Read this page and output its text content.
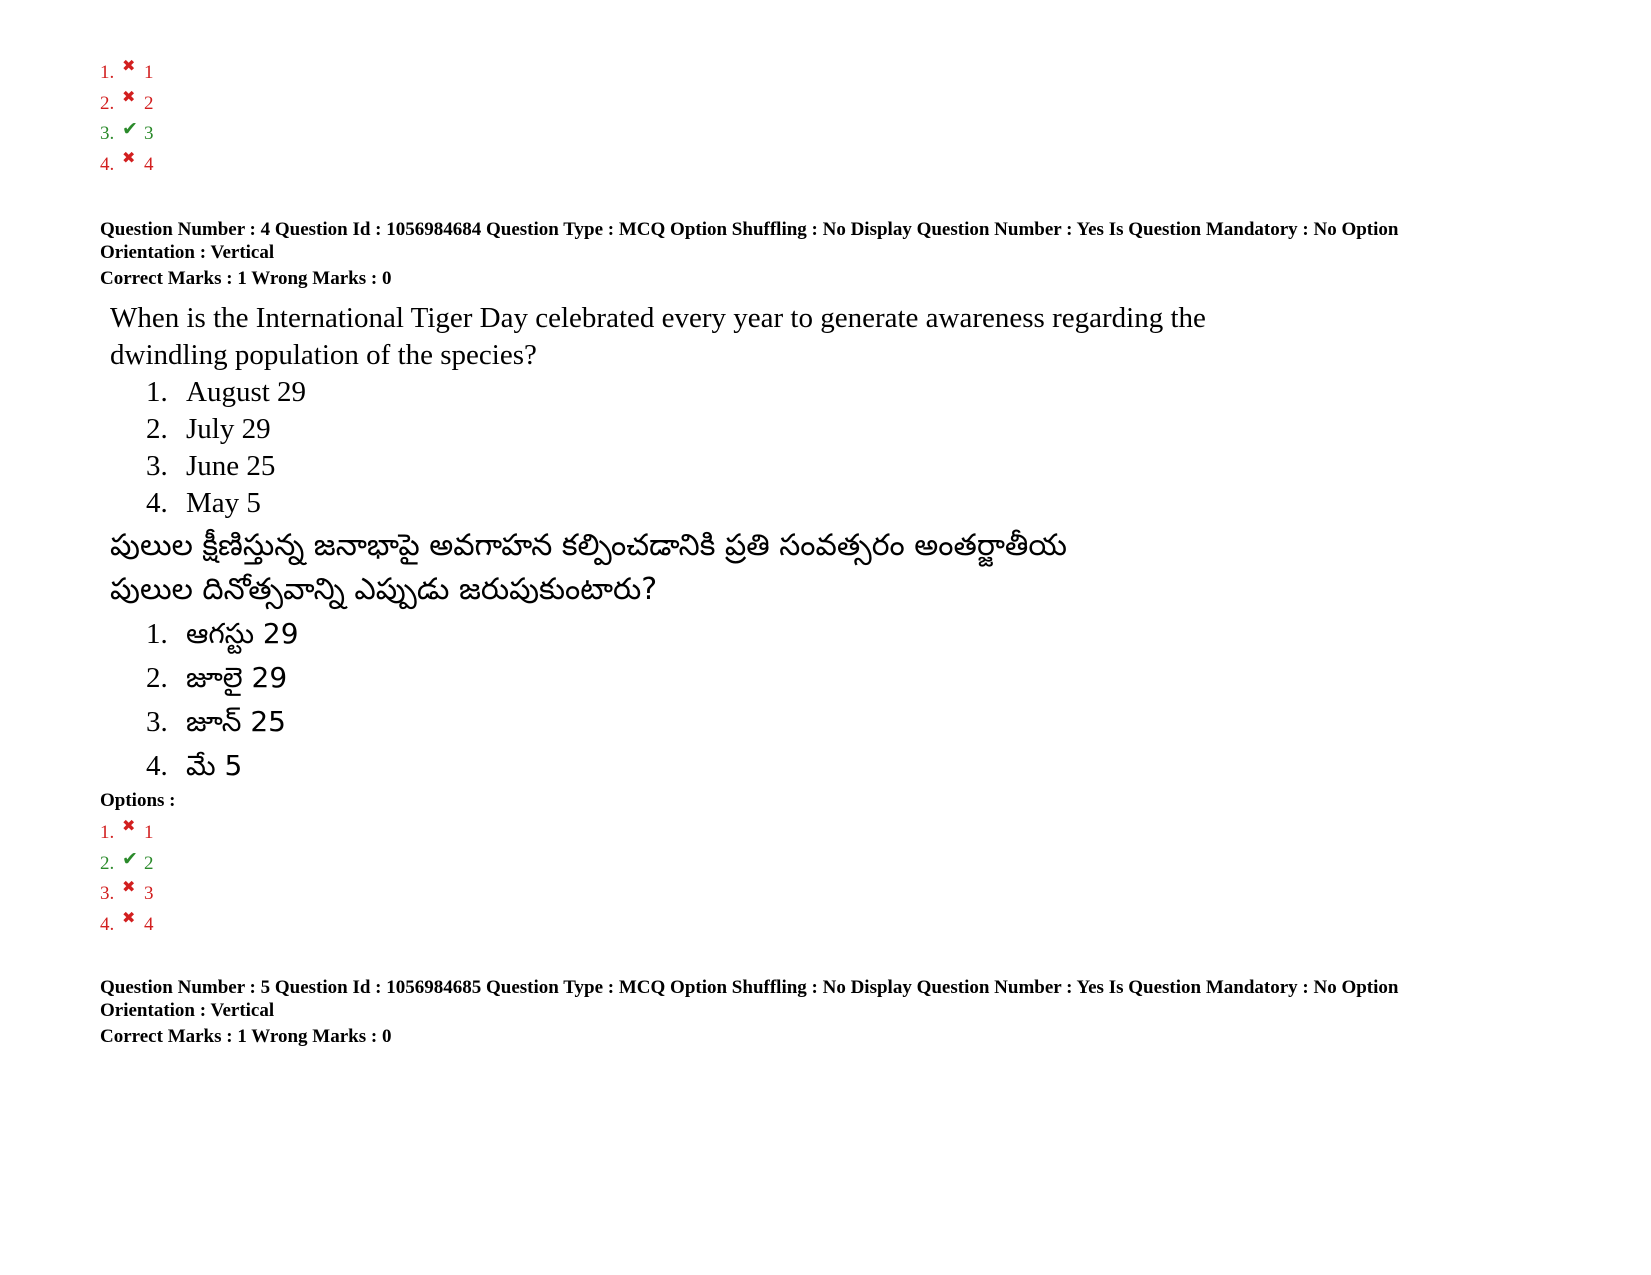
1. ✖ 1
2. ✖ 2
3. ✔ 3
4. ✖ 4
Question Number : 4 Question Id : 1056984684 Question Type : MCQ Option Shuffling : No Display Question Number : Yes Is Question Mandatory : No Option
Orientation : Vertical
Correct Marks : 1 Wrong Marks : 0
When is the International Tiger Day celebrated every year to generate awareness regarding the
dwindling population of the species?
1. August 29
2. July 29
3. June 25
4. May 5
పులుల క్షీణిస్తున్న జనాభాపై అవగాహన కల్పించడానికి ప్రతి సంవత్సరం అంతర్జాతీయ
పులుల దినోత్సవాన్ని ఎప్పుడు జరుపుకుంటారు?
1. ఆగస్టు 29
2. జూలై 29
3. జూన్ 25
4. మే 5
Options :
1. ✖ 1
2. ✔ 2
3. ✖ 3
4. ✖ 4
Question Number : 5 Question Id : 1056984685 Question Type : MCQ Option Shuffling : No Display Question Number : Yes Is Question Mandatory : No Option
Orientation : Vertical
Correct Marks : 1 Wrong Marks : 0
